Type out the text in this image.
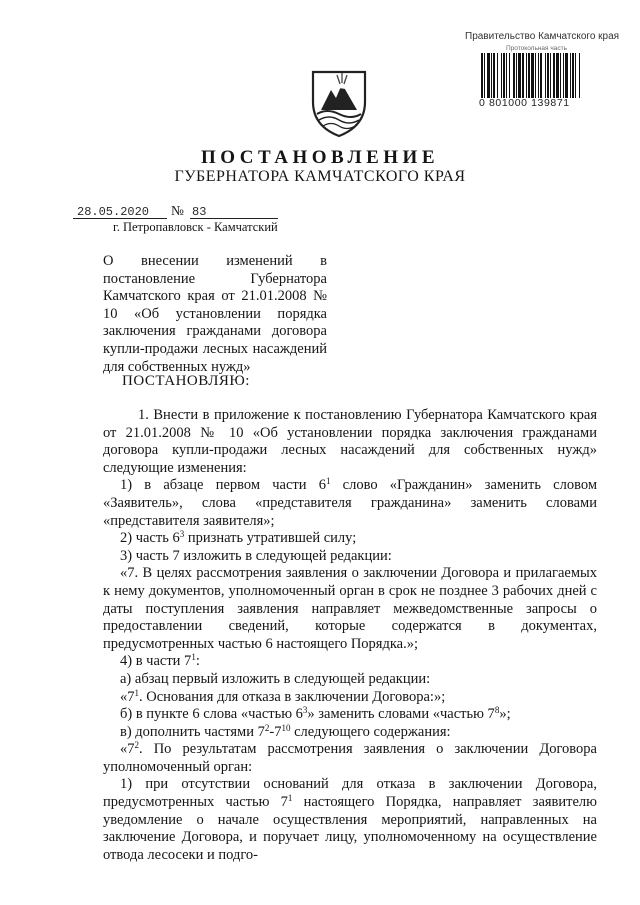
Правительство Камчатского края
Протокольная часть
0 801000 139871
ПОСТАНОВЛЕНИЕ
ГУБЕРНАТОРА КАМЧАТСКОГО КРАЯ
28.05.2020 № 83
г. Петропавловск - Камчатский
О внесении изменений в постановление Губернатора Камчатского края от 21.01.2008 № 10 «Об установлении порядка заключения гражданами договора купли-продажи лесных насаждений для собственных нужд»
ПОСТАНОВЛЯЮ:

1. Внести в приложение к постановлению Губернатора Камчатского края от 21.01.2008 № 10 «Об установлении порядка заключения гражданами договора купли-продажи лесных насаждений для собственных нужд» следующие изменения:

1) в абзаце первом части $6^1$ слово «Гражданин» заменить словом «Заявитель», слова «представителя гражданина» заменить словами «представителя заявителя»;

2) часть $6^3$ признать утратившей силу;

3) часть 7 изложить в следующей редакции:

«7. В целях рассмотрения заявления о заключении Договора и прилагаемых к нему документов, уполномоченный орган в срок не позднее 3 рабочих дней с даты поступления заявления направляет межведомственные запросы о предоставлении сведений, которые содержатся в документах, предусмотренных частью 6 настоящего Порядка.»;

4) в части $7^1$:

а) абзац первый изложить в следующей редакции:

«$7^1$. Основания для отказа в заключении Договора:»;

б) в пункте 6 слова «частью $6^3$» заменить словами «частью $7^8$»;

в) дополнить частями $7^2-7^{10}$ следующего содержания:

«$7^2$. По результатам рассмотрения заявления о заключении Договора уполномоченный орган:

1) при отсутствии оснований для отказа в заключении Договора, предусмотренных частью $7^1$ настоящего Порядка, направляет заявителю уведомление о начале осуществления мероприятий, направленных на заключение Договора, и поручает лицу, уполномоченному на осуществление отвода лесосеки и подго-
